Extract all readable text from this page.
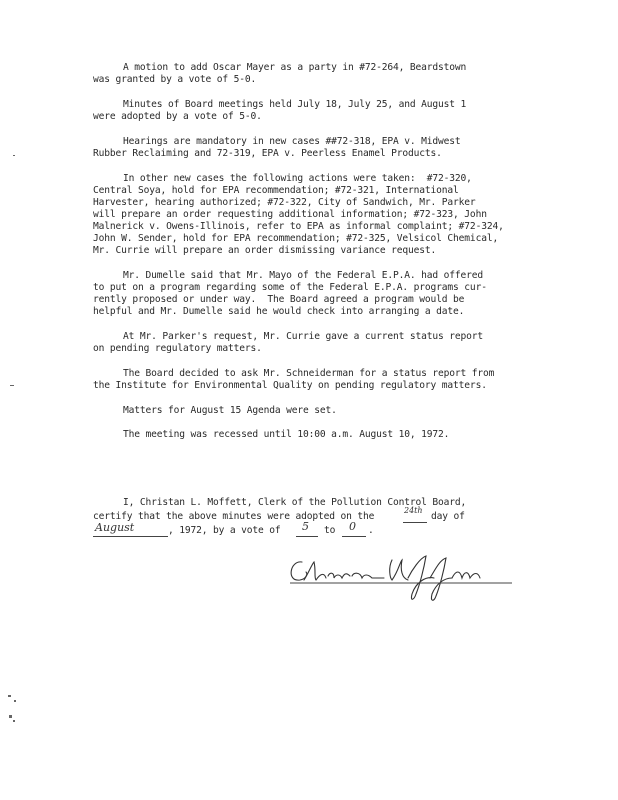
A motion to add Oscar Mayer as a party in #72-264, Beardstown
was granted by a vote of 5-0.
Minutes of Board meetings held July 18, July 25, and August 1
were adopted by a vote of 5-0.
Hearings are mandatory in new cases ##72-318, EPA v. Midwest
Rubber Reclaiming and 72-319, EPA v. Peerless Enamel Products.
In other new cases the following actions were taken:  #72-320,
Central Soya, hold for EPA recommendation; #72-321, International
Harvester, hearing authorized; #72-322, City of Sandwich, Mr. Parker
will prepare an order requesting additional information; #72-323, John
Malnerick v. Owens-Illinois, refer to EPA as informal complaint; #72-324,
John W. Sender, hold for EPA recommendation; #72-325, Velsicol Chemical,
Mr. Currie will prepare an order dismissing variance request.
Mr. Dumelle said that Mr. Mayo of the Federal E.P.A. had offered
to put on a program regarding some of the Federal E.P.A. programs cur-
rently proposed or under way.  The Board agreed a program would be
helpful and Mr. Dumelle said he would check into arranging a date.
At Mr. Parker's request, Mr. Currie gave a current status report
on pending regulatory matters.
The Board decided to ask Mr. Schneiderman for a status report from
the Institute for Environmental Quality on pending regulatory matters.
Matters for August 15 Agenda were set.
The meeting was recessed until 10:00 a.m. August 10, 1972.
I, Christan L. Moffett, Clerk of the Pollution Control Board,
certify that the above minutes were adopted on the
24th
day of
August	, 1972, by a vote of 5 to 0 .
